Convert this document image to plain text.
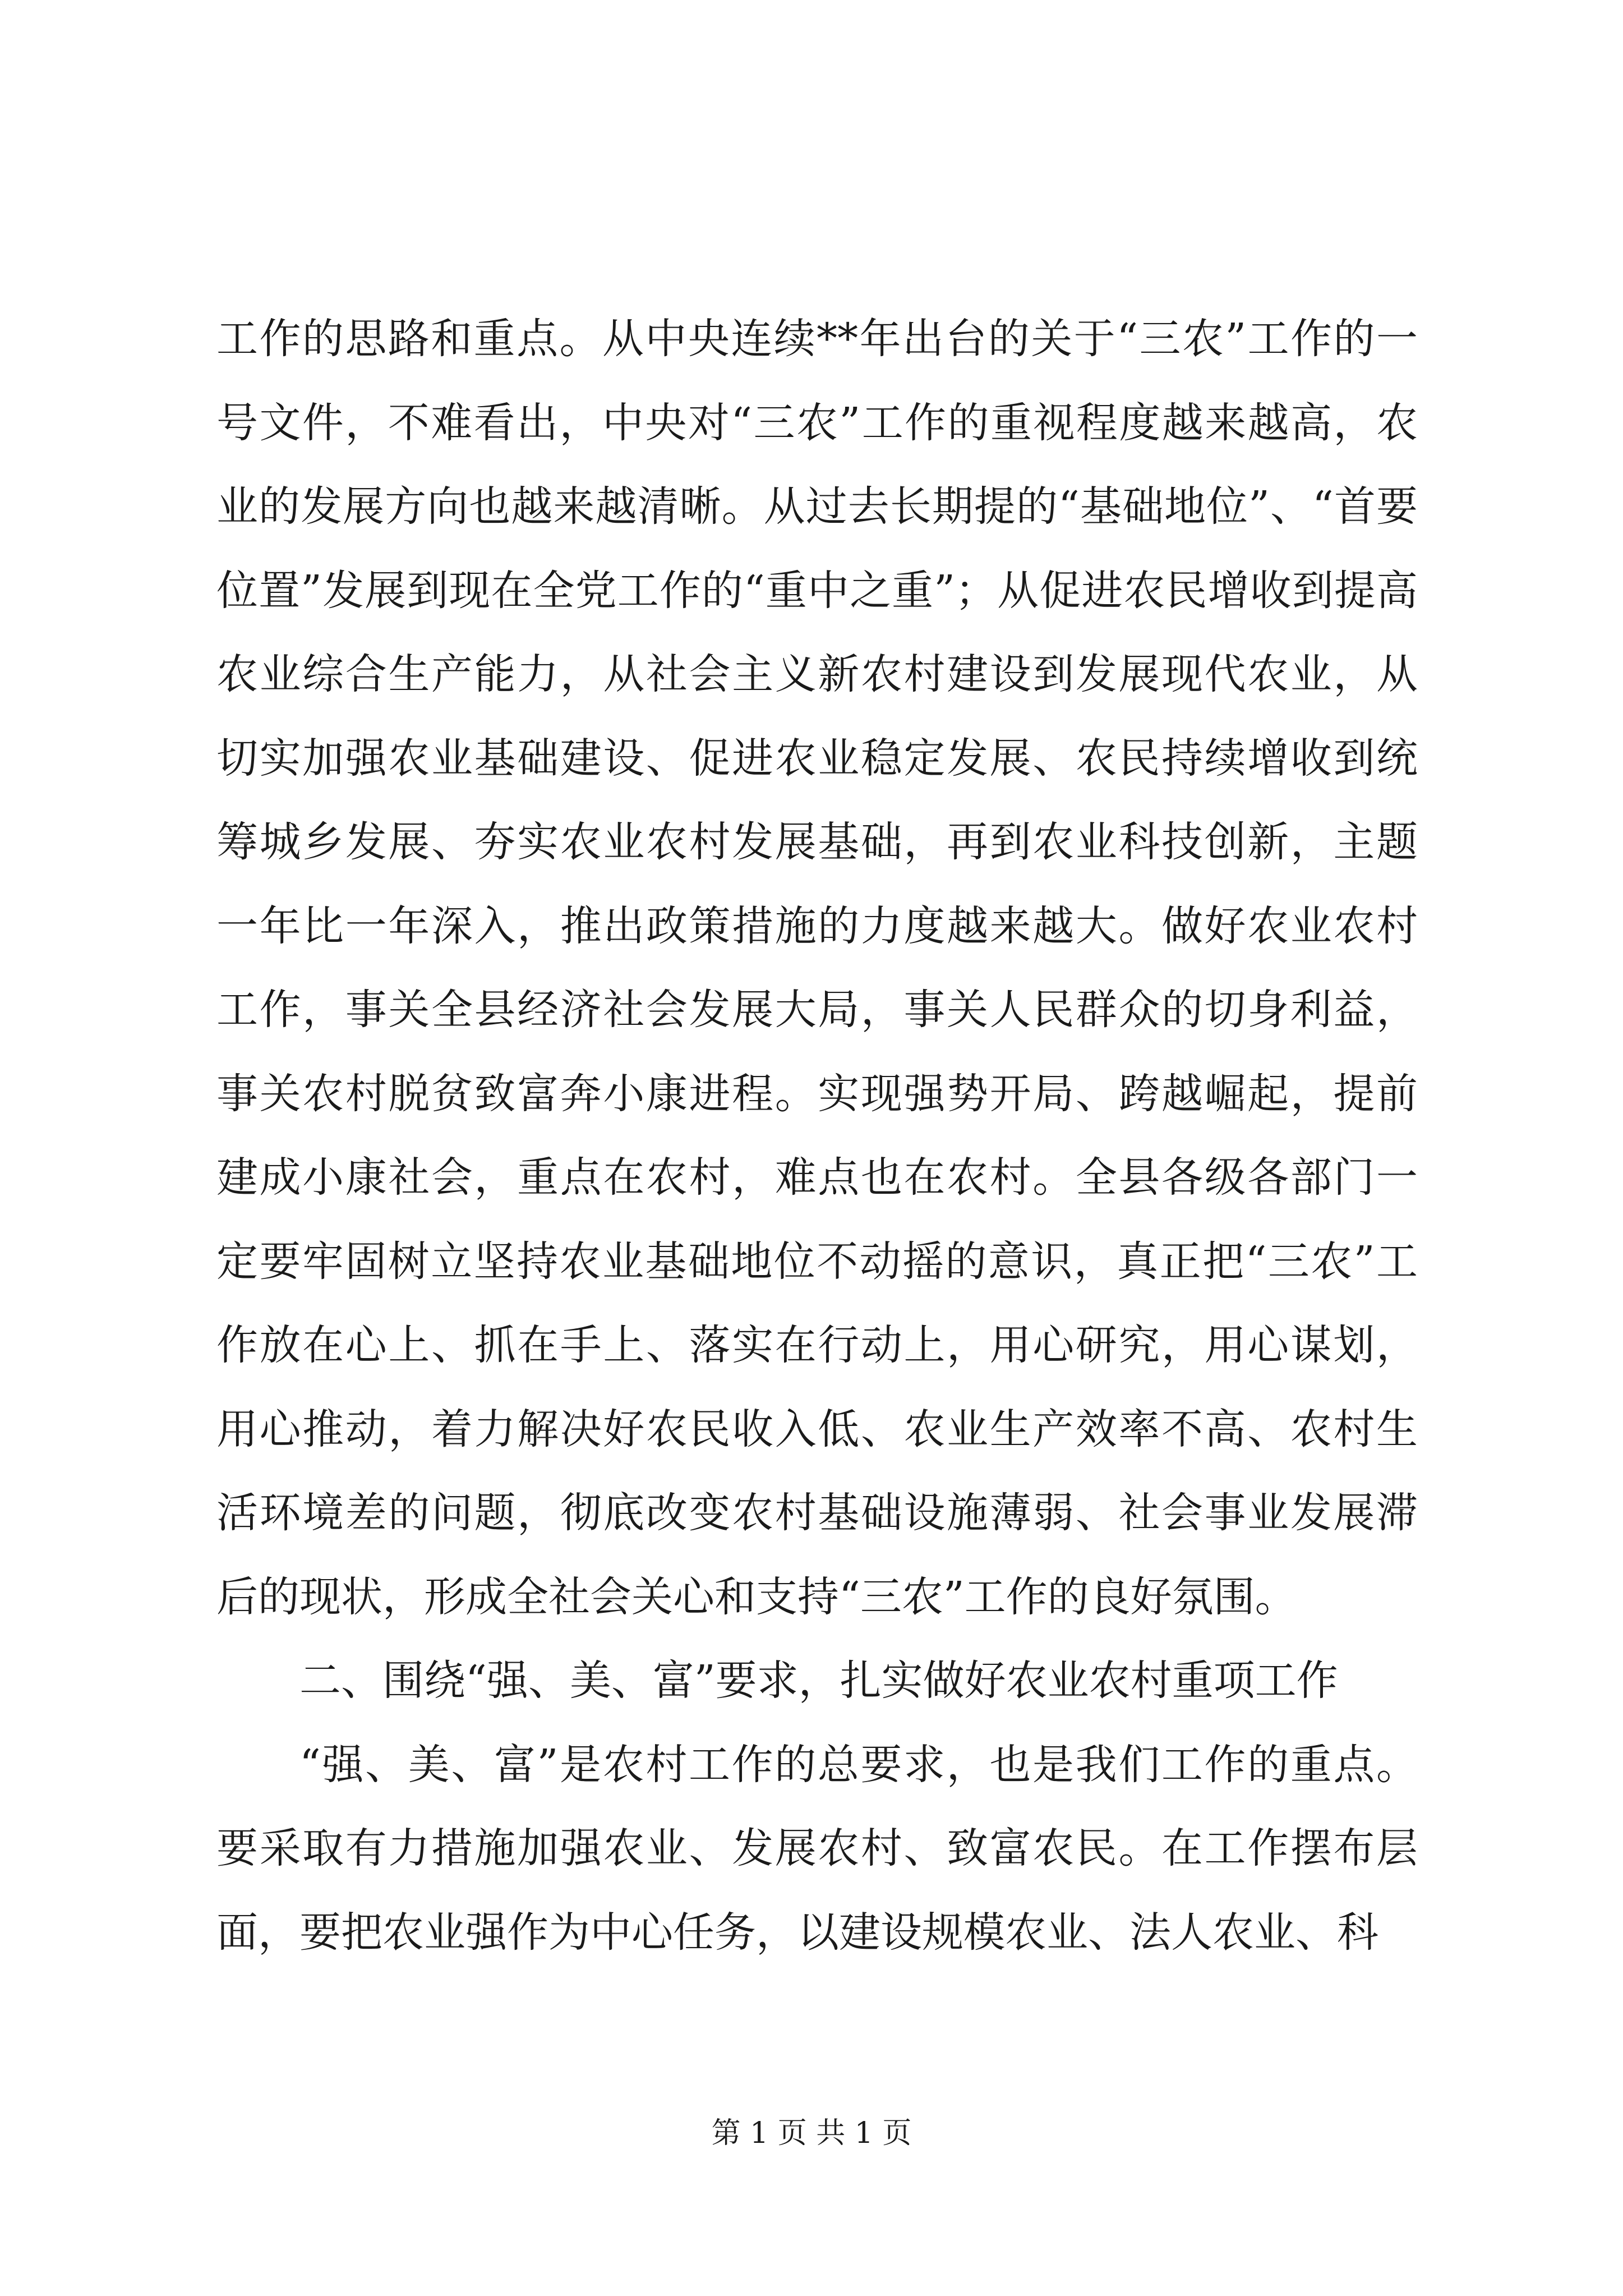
工作的思路和重点。从中央连续**年出台的关于“三农”工作的一号文件，不难看出，中央对“三农”工作的重视程度越来越高，农业的发展方向也越来越清晰。从过去长期提的“基础地位”、“首要位置”发展到现在全党工作的“重中之重”；从促进农民增收到提高农业综合生产能力，从社会主义新农村建设到发展现代农业，从切实加强农业基础建设、促进农业稳定发展、农民持续增收到统筹城乡发展、夯实农业农村发展基础，再到农业科技创新，主题一年比一年深入，推出政策措施的力度越来越大。做好农业农村工作，事关全县经济社会发展大局，事关人民群众的切身利益，事关农村脱贫致富奔小康进程。实现强势开局、跨越崛起，提前建成小康社会，重点在农村，难点也在农村。全县各级各部门一定要牢固树立坚持农业基础地位不动摇的意识，真正把“三农”工作放在心上、抓在手上、落实在行动上，用心研究，用心谋划，用心推动，着力解决好农民收入低、农业生产效率不高、农村生活环境差的问题，彻底改变农村基础设施薄弱、社会事业发展滞后的现状，形成全社会关心和支持“三农”工作的良好氛围。

二、围绕“强、美、富”要求，扎实做好农业农村重项工作

“强、美、富”是农村工作的总要求，也是我们工作的重点。要采取有力措施加强农业、发展农村、致富农民。在工作摆布层面，要把农业强作为中心任务，以建设规模农业、法人农业、科

第 1 页 共 1 页
